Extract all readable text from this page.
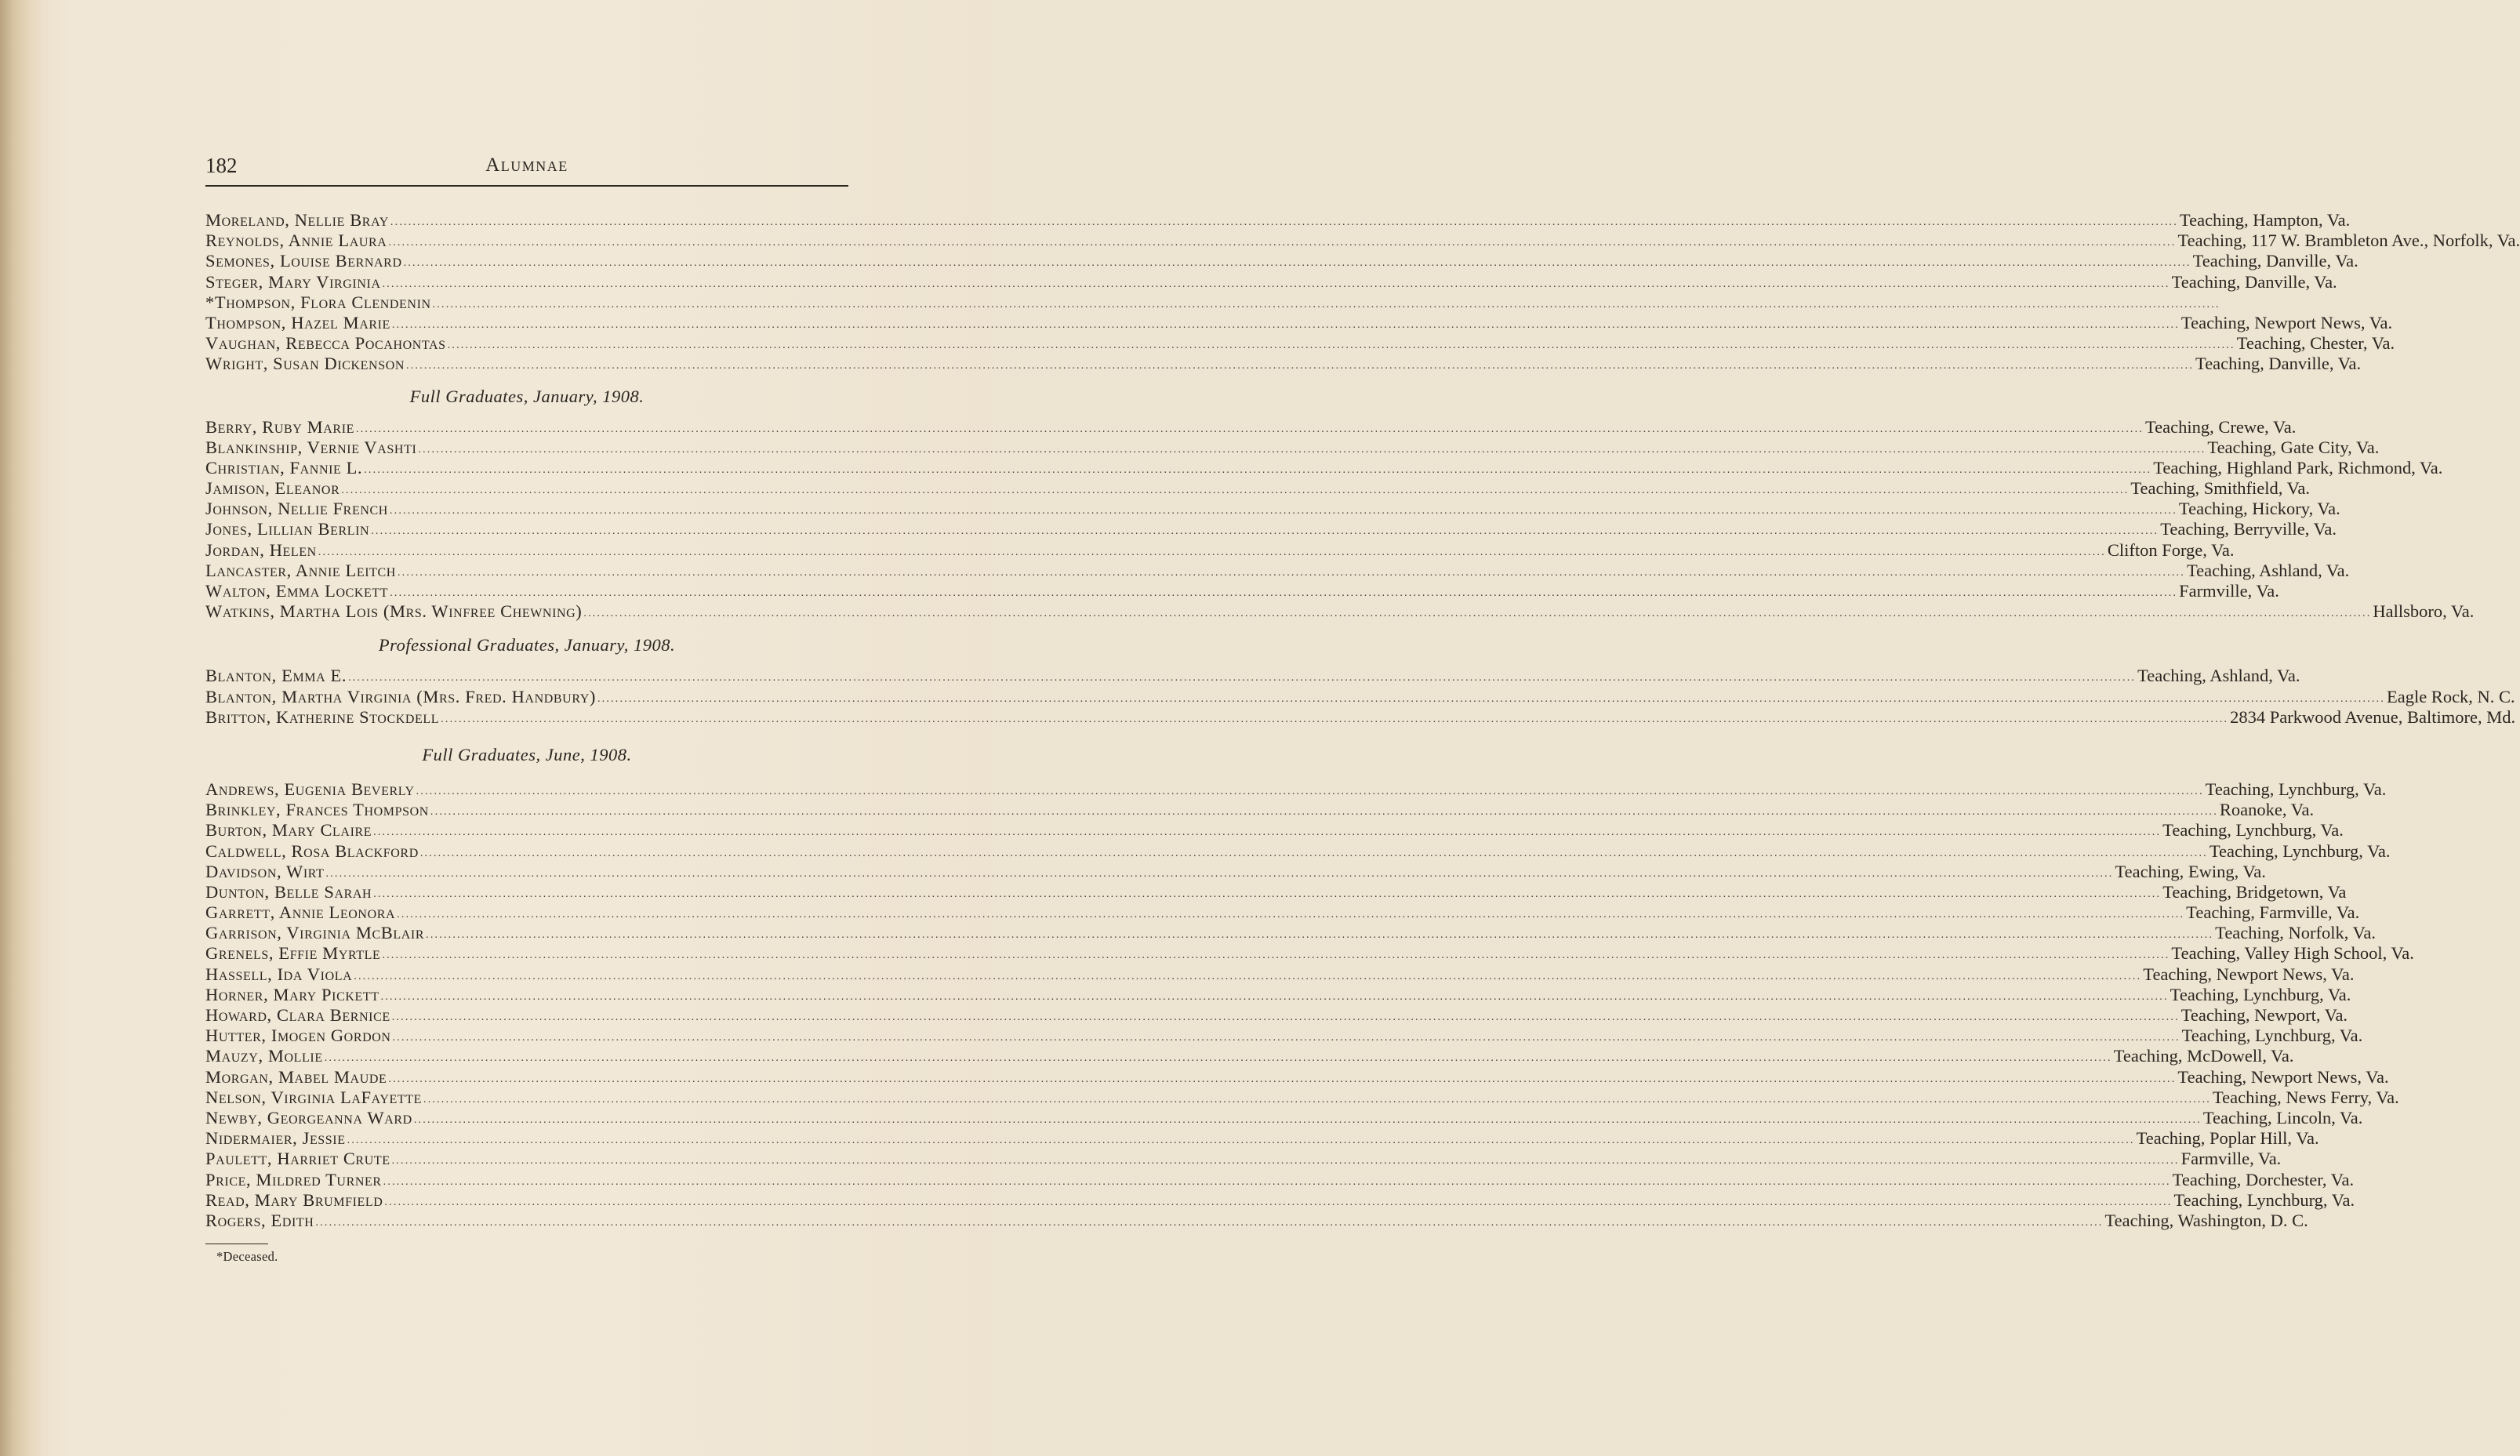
182	Alumnae
Moreland, Nellie Bray ................................................................................................................................................................................................................................................................................................................................................................................................................ Teaching, Hampton, Va.
Reynolds, Annie Laura ................................................................................................................................................................................................................................................................................................................................................................................................................ Teaching, 117 W. Brambleton Ave., Norfolk, Va.
Semones, Louise Bernard ................................................................................................................................................................................................................................................................................................................................................................................................................ Teaching, Danville, Va.
Steger, Mary Virginia ................................................................................................................................................................................................................................................................................................................................................................................................................ Teaching, Danville, Va.
*Thompson, Flora Clendenin ................................................................................................................................................................................................................................................................................................................................................................................................................
Thompson, Hazel Marie ................................................................................................................................................................................................................................................................................................................................................................................................................ Teaching, Newport News, Va.
Vaughan, Rebecca Pocahontas ................................................................................................................................................................................................................................................................................................................................................................................................................ Teaching, Chester, Va.
Wright, Susan Dickenson ................................................................................................................................................................................................................................................................................................................................................................................................................ Teaching, Danville, Va.
Full Graduates, January, 1908.
Berry, Ruby Marie ................................................................................................................................................................................................................................................................................................................................................................................................................ Teaching, Crewe, Va.
Blankinship, Vernie Vashti ................................................................................................................................................................................................................................................................................................................................................................................................................ Teaching, Gate City, Va.
Christian, Fannie L. ................................................................................................................................................................................................................................................................................................................................................................................................................ Teaching, Highland Park, Richmond, Va.
Jamison, Eleanor ................................................................................................................................................................................................................................................................................................................................................................................................................ Teaching, Smithfield, Va.
Johnson, Nellie French ................................................................................................................................................................................................................................................................................................................................................................................................................ Teaching, Hickory, Va.
Jones, Lillian Berlin ................................................................................................................................................................................................................................................................................................................................................................................................................ Teaching, Berryville, Va.
Jordan, Helen ................................................................................................................................................................................................................................................................................................................................................................................................................ Clifton Forge, Va.
Lancaster, Annie Leitch ................................................................................................................................................................................................................................................................................................................................................................................................................ Teaching, Ashland, Va.
Walton, Emma Lockett ................................................................................................................................................................................................................................................................................................................................................................................................................ Farmville, Va.
Watkins, Martha Lois (Mrs. Winfree Chewning) ................................................................................................................................................................................................................................................................................................................................................................................................................ Hallsboro, Va.
Professional Graduates, January, 1908.
Blanton, Emma E. ................................................................................................................................................................................................................................................................................................................................................................................................................ Teaching, Ashland, Va.
Blanton, Martha Virginia (Mrs. Fred. Handbury) ................................................................................................................................................................................................................................................................................................................................................................................................................ Eagle Rock, N. C.
Britton, Katherine Stockdell ................................................................................................................................................................................................................................................................................................................................................................................................................ 2834 Parkwood Avenue, Baltimore, Md.
Full Graduates, June, 1908.
Andrews, Eugenia Beverly ................................................................................................................................................................................................................................................................................................................................................................................................................ Teaching, Lynchburg, Va.
Brinkley, Frances Thompson ................................................................................................................................................................................................................................................................................................................................................................................................................ Roanoke, Va.
Burton, Mary Claire ................................................................................................................................................................................................................................................................................................................................................................................................................ Teaching, Lynchburg, Va.
Caldwell, Rosa Blackford ................................................................................................................................................................................................................................................................................................................................................................................................................ Teaching, Lynchburg, Va.
Davidson, Wirt ................................................................................................................................................................................................................................................................................................................................................................................................................ Teaching, Ewing, Va.
Dunton, Belle Sarah ................................................................................................................................................................................................................................................................................................................................................................................................................ Teaching, Bridgetown, Va
Garrett, Annie Leonora ................................................................................................................................................................................................................................................................................................................................................................................................................ Teaching, Farmville, Va.
Garrison, Virginia McBlair ................................................................................................................................................................................................................................................................................................................................................................................................................ Teaching, Norfolk, Va.
Grenels, Effie Myrtle ................................................................................................................................................................................................................................................................................................................................................................................................................ Teaching, Valley High School, Va.
Hassell, Ida Viola ................................................................................................................................................................................................................................................................................................................................................................................................................ Teaching, Newport News, Va.
Horner, Mary Pickett ................................................................................................................................................................................................................................................................................................................................................................................................................ Teaching, Lynchburg, Va.
Howard, Clara Bernice ................................................................................................................................................................................................................................................................................................................................................................................................................ Teaching, Newport, Va.
Hutter, Imogen Gordon ................................................................................................................................................................................................................................................................................................................................................................................................................ Teaching, Lynchburg, Va.
Mauzy, Mollie ................................................................................................................................................................................................................................................................................................................................................................................................................ Teaching, McDowell, Va.
Morgan, Mabel Maude ................................................................................................................................................................................................................................................................................................................................................................................................................ Teaching, Newport News, Va.
Nelson, Virginia LaFayette ................................................................................................................................................................................................................................................................................................................................................................................................................ Teaching, News Ferry, Va.
Newby, Georgeanna Ward ................................................................................................................................................................................................................................................................................................................................................................................................................ Teaching, Lincoln, Va.
Nidermaier, Jessie ................................................................................................................................................................................................................................................................................................................................................................................................................ Teaching, Poplar Hill, Va.
Paulett, Harriet Crute ................................................................................................................................................................................................................................................................................................................................................................................................................ Farmville, Va.
Price, Mildred Turner ................................................................................................................................................................................................................................................................................................................................................................................................................ Teaching, Dorchester, Va.
Read, Mary Brumfield ................................................................................................................................................................................................................................................................................................................................................................................................................ Teaching, Lynchburg, Va.
Rogers, Edith ................................................................................................................................................................................................................................................................................................................................................................................................................ Teaching, Washington, D. C.
*Deceased.
